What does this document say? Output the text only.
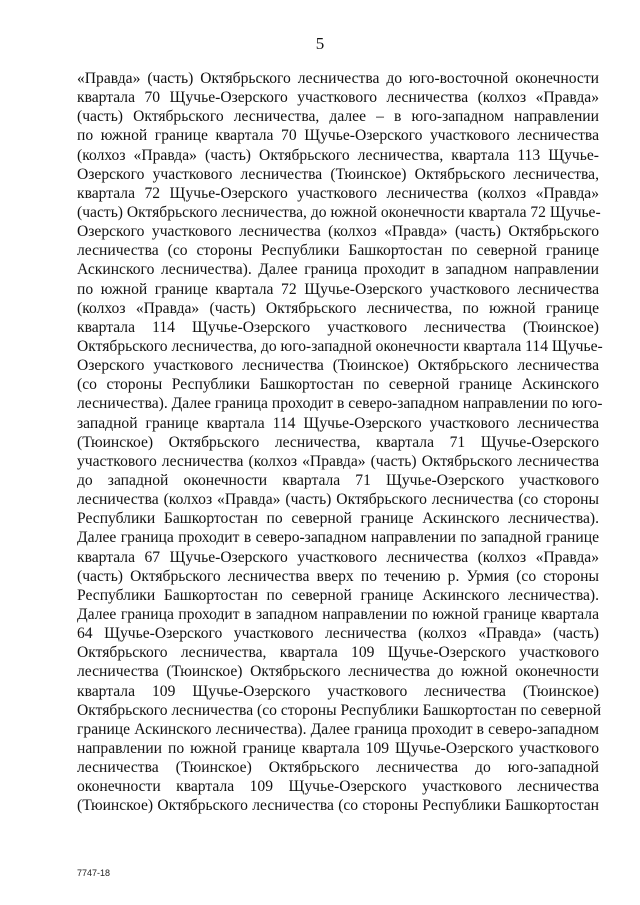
5
«Правда» (часть) Октябрьского лесничества до юго-восточной оконечности
квартала 70 Щучье-Озерского участкового лесничества (колхоз «Правда»
(часть) Октябрьского лесничества, далее – в юго-западном направлении
по южной границе квартала 70 Щучье-Озерского участкового лесничества
(колхоз «Правда» (часть) Октябрьского лесничества, квартала 113 Щучье-
Озерского участкового лесничества (Тюинское) Октябрьского лесничества,
квартала 72 Щучье-Озерского участкового лесничества (колхоз «Правда»
(часть) Октябрьского лесничества, до южной оконечности квартала 72 Щучье-
Озерского участкового лесничества (колхоз «Правда» (часть) Октябрьского
лесничества (со стороны Республики Башкортостан по северной границе
Аскинского лесничества). Далее граница проходит в западном направлении
по южной границе квартала 72 Щучье-Озерского участкового лесничества
(колхоз «Правда» (часть) Октябрьского лесничества, по южной границе
квартала 114 Щучье-Озерского участкового лесничества (Тюинское)
Октябрьского лесничества, до юго-западной оконечности квартала 114 Щучье-
Озерского участкового лесничества (Тюинское) Октябрьского лесничества
(со стороны Республики Башкортостан по северной границе Аскинского
лесничества). Далее граница проходит в северо-западном направлении по юго-
западной границе квартала 114 Щучье-Озерского участкового лесничества
(Тюинское) Октябрьского лесничества, квартала 71 Щучье-Озерского
участкового лесничества (колхоз «Правда» (часть) Октябрьского лесничества
до западной оконечности квартала 71 Щучье-Озерского участкового
лесничества (колхоз «Правда» (часть) Октябрьского лесничества (со стороны
Республики Башкортостан по северной границе Аскинского лесничества).
Далее граница проходит в северо-западном направлении по западной границе
квартала 67 Щучье-Озерского участкового лесничества (колхоз «Правда»
(часть) Октябрьского лесничества вверх по течению р. Урмия (со стороны
Республики Башкортостан по северной границе Аскинского лесничества).
Далее граница проходит в западном направлении по южной границе квартала
64 Щучье-Озерского участкового лесничества (колхоз «Правда» (часть)
Октябрьского лесничества, квартала 109 Щучье-Озерского участкового
лесничества (Тюинское) Октябрьского лесничества до южной оконечности
квартала 109 Щучье-Озерского участкового лесничества (Тюинское)
Октябрьского лесничества (со стороны Республики Башкортостан по северной
границе Аскинского лесничества). Далее граница проходит в северо-западном
направлении по южной границе квартала 109 Щучье-Озерского участкового
лесничества (Тюинское) Октябрьского лесничества до юго-западной
оконечности квартала 109 Щучье-Озерского участкового лесничества
(Тюинское) Октябрьского лесничества (со стороны Республики Башкортостан
7747-18
